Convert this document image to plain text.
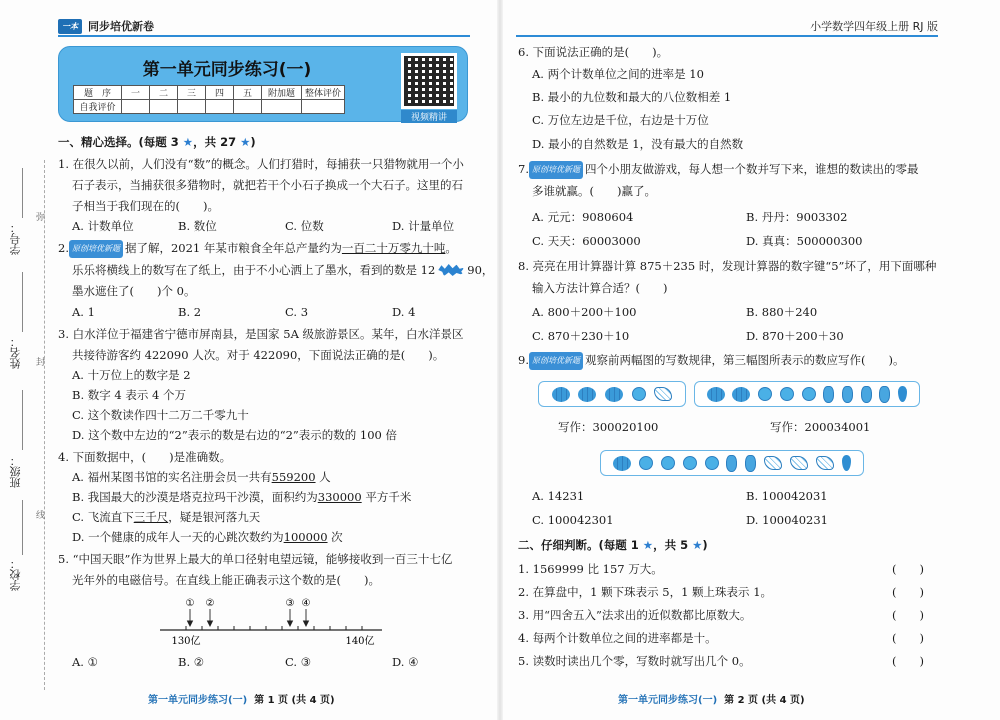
一本 同步培优新卷
第一单元同步练习(一)
题　序	一	二	三	四	五	附加题	整体评价
自我评价							
视频精讲
学号：
姓名：
班级：
学校：
弥
封
线
一、精心选择。(每题 3 ★，共 27 ★)
1. 在很久以前，人们没有“数”的概念。人们打猎时，每捕获一只猎物就用一个小
石子表示，当捕获很多猎物时，就把若干个小石子换成一个大石子。这里的石
子相当于我们现在的(　　)。
A. 计数单位	B. 数位	C. 位数	D. 计量单位
2. 原创培优新题 据了解，2021 年某市粮食全年总产量约为一百二十万零九十吨。
乐乐将横线上的数写在了纸上，由于不小心洒上了墨水，看到的数是 12	90，
墨水遮住了(　　)个 0。
A. 1	B. 2	C. 3	D. 4
3. 白水洋位于福建省宁德市屏南县，是国家 5A 级旅游景区。某年，白水洋景区
共接待游客约 422090 人次。对于 422090，下面说法正确的是(　　)。
A. 十万位上的数字是 2
B. 数字 4 表示 4 个万
C. 这个数读作四十二万二千零九十
D. 这个数中左边的“2”表示的数是右边的“2”表示的数的 100 倍
4. 下面数据中，(　　)是准确数。
A. 福州某图书馆的实名注册会员一共有559200 人
B. 我国最大的沙漠是塔克拉玛干沙漠，面积约为330000 平方千米
C. 飞流直下三千尺，疑是银河落九天
D. 一个健康的成年人一天的心跳次数约为100000 次
5. “中国天眼”作为世界上最大的单口径射电望远镜，能够接收到一百三十七亿
光年外的电磁信号。在直线上能正确表示这个数的是(　　)。
① ②	③ ④
130亿	140亿
A. ①	B. ②	C. ③	D. ④
第一单元同步练习(一) 第 1 页 (共 4 页)
小学数学四年级上册 RJ 版
6. 下面说法正确的是(　　)。
A. 两个计数单位之间的进率是 10
B. 最小的九位数和最大的八位数相差 1
C. 万位左边是千位，右边是十万位
D. 最小的自然数是 1，没有最大的自然数
7. 原创培优新题 四个小朋友做游戏，每人想一个数并写下来，谁想的数读出的零最
多谁就赢。(　　)赢了。
A. 元元：9080604	B. 丹丹：9003302
C. 天天：60003000	D. 真真：500000300
8. 亮亮在用计算器计算 875＋235 时，发现计算器的数字键“5”坏了，用下面哪种
输入方法计算合适？(　　)
A. 800＋200＋100	B. 880＋240
C. 870＋230＋10	D. 870＋200＋30
9. 原创培优新题 观察前两幅图的写数规律，第三幅图所表示的数应写作(　　)。
写作：300020100	写作：200034001
A. 14231	B. 100042031
C. 100042301	D. 100040231
二、仔细判断。(每题 1 ★，共 5 ★)
1. 1569999 比 157 万大。
2. 在算盘中，1 颗下珠表示 5，1 颗上珠表示 1。
3. 用“四舍五入”法求出的近似数都比原数大。
4. 每两个计数单位之间的进率都是十。
5. 读数时读出几个零，写数时就写出几个 0。
(　　)
(　　)
(　　)
(　　)
(　　)
第一单元同步练习(一) 第 2 页 (共 4 页)
